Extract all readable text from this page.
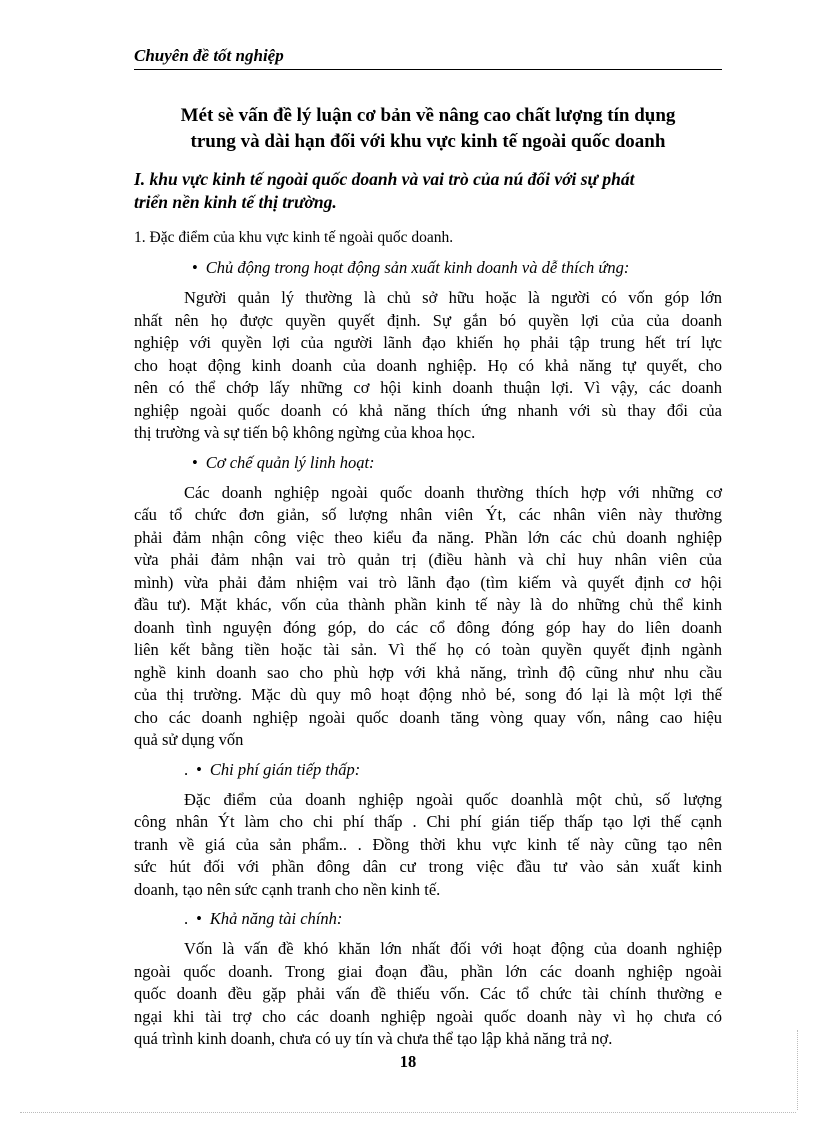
Chuyên đề tốt nghiệp
Mét sè vấn đề lý luận cơ bản về nâng cao chất lượng tín dụng
trung và dài hạn đối với khu vực kinh tế ngoài quốc doanh
I. khu vực kinh tế ngoài quốc doanh và vai trò của nú đối với sự phát
triển nền kinh tế thị trường.
1. Đặc điểm của khu vực kinh tế ngoài quốc doanh.
• Chủ động trong hoạt động sản xuất kinh doanh và dễ thích ứng:
Người quản lý thường là chủ sở hữu hoặc là người có vốn góp lớn
nhất nên họ được quyền quyết định. Sự gắn bó quyền lợi của của doanh
nghiệp với quyền lợi của người lãnh đạo khiến họ phải tập trung hết trí lực
cho hoạt động kinh doanh của doanh nghiệp. Họ có khả năng tự quyết, cho
nên có thể chớp lấy những cơ hội kinh doanh thuận lợi. Vì vậy, các doanh
nghiệp ngoài quốc doanh có khả năng thích ứng nhanh với sù thay đổi của
thị trường và sự tiến bộ không ngừng của khoa học.
• Cơ chế quản lý linh hoạt:
Các doanh nghiệp ngoài quốc doanh thường thích hợp với những cơ
cấu tổ chức đơn giản, số lượng nhân viên Ýt, các nhân viên này thường
phải đảm nhận công việc theo kiểu đa năng. Phần lớn các chủ doanh nghiệp
vừa phải đảm nhận vai trò quản trị (điều hành và chỉ huy nhân viên của
mình) vừa phải đảm nhiệm vai trò lãnh đạo (tìm kiếm và quyết định cơ hội
đầu tư). Mặt khác, vốn của thành phần kinh tế này là do những chủ thể kinh
doanh tình nguyện đóng góp, do các cổ đông đóng góp hay do liên doanh
liên kết bằng tiền hoặc tài sản. Vì thế họ có toàn quyền quyết định ngành
nghề kinh doanh sao cho phù hợp với khả năng, trình độ cũng như nhu cầu
của thị trường. Mặc dù quy mô hoạt động nhỏ bé, song đó lại là một lợi thế
cho các doanh nghiệp ngoài quốc doanh tăng vòng quay vốn, nâng cao hiệu
quả sử dụng vốn
. • Chi phí gián tiếp thấp:
Đặc điểm của doanh nghiệp ngoài quốc doanhlà một chủ, số lượng
công nhân Ýt làm cho chi phí thấp . Chi phí gián tiếp thấp tạo lợi thế cạnh
tranh về giá của sản phẩm.. . Đồng thời khu vực kinh tế này cũng tạo nên
sức hút đối với phần đông dân cư trong việc đầu tư vào sản xuất kinh
doanh, tạo nên sức cạnh tranh cho nền kinh tế.
. • Khả năng tài chính:
Vốn là vấn đề khó khăn lớn nhất đối với hoạt động của doanh nghiệp
ngoài quốc doanh. Trong giai đoạn đầu, phần lớn các doanh nghiệp ngoài
quốc doanh đều gặp phải vấn đề thiếu vốn. Các tổ chức tài chính thường e
ngại khi tài trợ cho các doanh nghiệp ngoài quốc doanh này vì họ chưa có
quá trình kinh doanh, chưa có uy tín và chưa thể tạo lập khả năng trả nợ.
18
